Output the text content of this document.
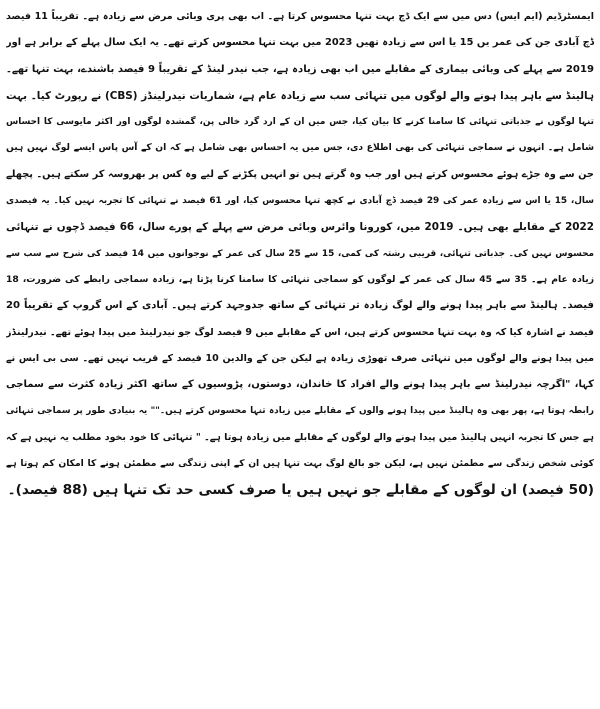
ایمسٹرڈیم (ایم ایس) دس میں سے ایک ڈچ بہت تنہا محسوس کرتا ہے۔ اب بھی پری وبائی مرض سے زیادہ ہے۔ تقریباً 11 فیصد
ڈچ آبادی جن کی عمر یں 15 یا اس سے زیادہ تھیں 2023 میں بہت تنہا محسوس کرتے تھے۔ یہ ایک سال پہلے کے برابر ہے اور
2019 سے پہلے کی وبائی بیماری کے مقابلے میں اب بھی زیادہ ہے، جب نیدر لینڈ کے تقریباً 9 فیصد باشندے، بہت تنہا تھے۔
ہالینڈ سے باہر پیدا ہونے والے لوگوں میں تنہائی سب سے زیادہ عام ہے، شماریات نیدرلینڈز (CBS) نے رپورٹ کیا۔ بہت
تنہا لوگوں نے جذباتی تنہائی کا سامنا کرنے کا بیان کیا، جس میں ان کے ارد گرد خالی پن، گمشدہ لوگوں اور اکثر مایوسی کا احساس
شامل ہے۔ انہوں نے سماجی تنہائی کی بھی اطلاع دی، جس میں یہ احساس بھی شامل ہے کہ ان کے آس پاس ایسے لوگ نہیں ہیں
جن سے وہ جڑے ہوئے محسوس کرتے ہیں اور جب وہ گرتے ہیں تو انہیں پکڑنے کے لیے وہ کس پر بھروسہ کر سکتے ہیں۔ پچھلے
سال، 15 یا اس سے زیادہ عمر کی 29 فیصد ڈچ آبادی نے کچھ تنہا محسوس کیا، اور 61 فیصد نے تنہائی کا تجربہ نہیں کیا۔ یہ فیصدی
2022 کے مقابلے بھی ہیں۔ 2019 میں، کورونا وائرس وبائی مرض سے پہلے کے پورے سال، 66 فیصد ڈچوں نے تنہائی
محسوس نہیں کی۔ جذباتی تنہائی، قریبی رشتہ کی کمی، 15 سے 25 سال کی عمر کے نوجوانوں میں 14 فیصد کی شرح سے سب سے
زیادہ عام ہے۔ 35 سے 45 سال کی عمر کے لوگوں کو سماجی تنہائی کا سامنا کرنا پڑتا ہے، زیادہ سماجی رابطے کی ضرورت، 18
فیصد۔ ہالینڈ سے باہر پیدا ہونے والے لوگ زیادہ تر تنہائی کے ساتھ جدوجہد کرتے ہیں۔ آبادی کے اس گروپ کے تقریباً 20
فیصد نے اشارہ کیا کہ وہ بہت تنہا محسوس کرتے ہیں، اس کے مقابلے میں 9 فیصد لوگ جو نیدرلینڈ میں پیدا ہوئے تھے۔ نیدرلینڈز
میں پیدا ہونے والے لوگوں میں تنہائی صرف تھوڑی زیادہ ہے لیکن جن کے والدین 10 فیصد کے قریب نہیں تھے۔ سی بی ایس نے
کہا، "اگرچہ نیدرلینڈ سے باہر پیدا ہونے والے افراد کا خاندان، دوستوں، پڑوسیوں کے ساتھ اکثر زیادہ کثرت سے سماجی
رابطہ ہوتا ہے، پھر بھی وہ ہالینڈ میں پیدا ہونے والوں کے مقابلے میں زیادہ تنہا محسوس کرتے ہیں۔"" یہ بنیادی طور پر سماجی تنہائی
ہے جس کا تجربہ انہیں ہالینڈ میں پیدا ہونے والے لوگوں کے مقابلے میں زیادہ ہوتا ہے۔ " تنہائی کا خود بخود مطلب یہ نہیں ہے کہ
کوئی شخص زندگی سے مطمئن نہیں ہے، لیکن جو بالغ لوگ بہت تنہا ہیں ان کے اپنی زندگی سے مطمئن ہونے کا امکان کم ہوتا ہے
(50 فیصد) ان لوگوں کے مقابلے جو نہیں ہیں یا صرف کسی حد تک تنہا ہیں (88 فیصد)۔
